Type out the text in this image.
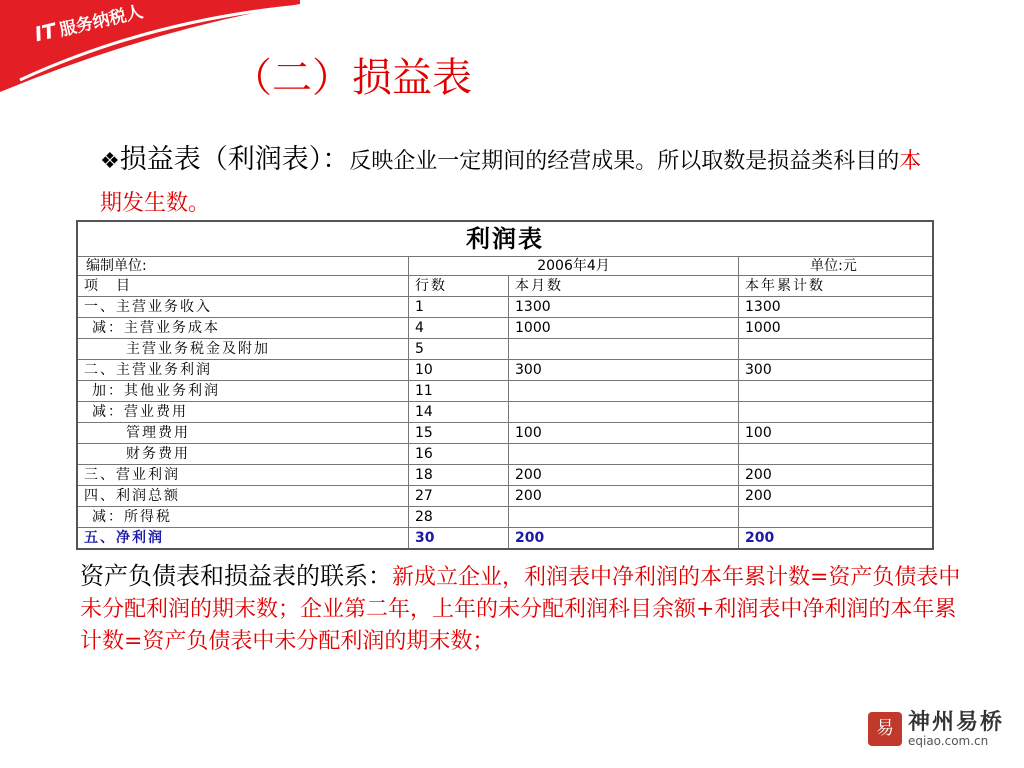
IT服务纳税人
（二）损益表
❖损益表（利润表）：反映企业一定期间的经营成果。所以取数是损益类科目的本期发生数。
利润表
编制单位:	2006年4月	单位:元
项　目	行数	本月数	本年累计数
一、主营业务收入	1	1300	1300
减：主营业务成本	4	1000	1000
主营业务税金及附加	5
二、主营业务利润	10	300	300
加：其他业务利润	11
减：营业费用	14
管理费用	15	100	100
财务费用	16
三、营业利润	18	200	200
四、利润总额	27	200	200
减：所得税	28
五、净利润	30	200	200
资产负债表和损益表的联系：新成立企业，利润表中净利润的本年累计数=资产负债表中未分配利润的期末数；企业第二年，上年的未分配利润科目余额+利润表中净利润的本年累计数=资产负债表中未分配利润的期末数；
易 神州易桥
eqiao.com.cn
